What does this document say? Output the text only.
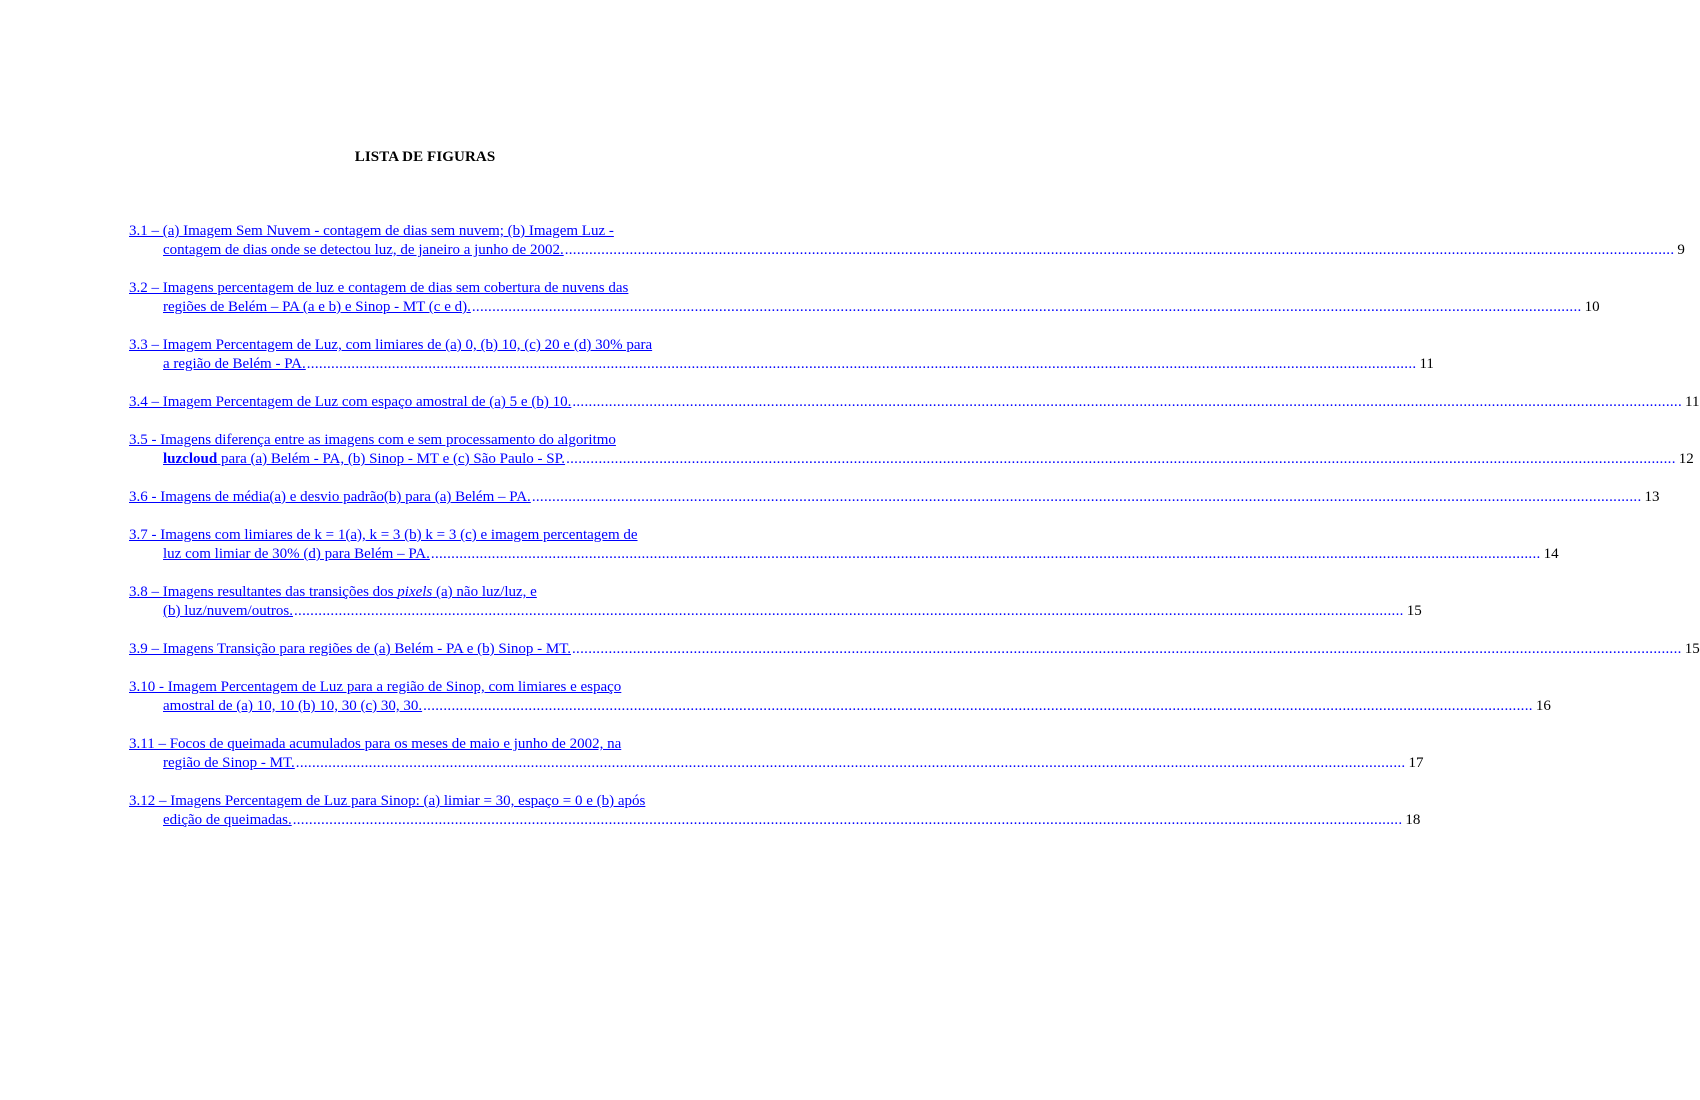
LISTA DE FIGURAS
3.1 – (a) Imagem Sem Nuvem - contagem de dias sem nuvem; (b) Imagem Luz -
contagem de dias onde se detectou luz, de janeiro a junho de 2002. .................................................................................................................................................................................................................................................................................. 9
3.2 – Imagens percentagem de luz e contagem de dias sem cobertura de nuvens das
regiões de Belém – PA (a e b) e Sinop - MT (c e d). .................................................................................................................................................................................................................................................................................. 10
3.3 – Imagem Percentagem de Luz, com limiares de (a) 0, (b) 10, (c) 20 e (d) 30% para
a região de Belém - PA. .................................................................................................................................................................................................................................................................................. 11
3.4 – Imagem Percentagem de Luz com espaço amostral de (a) 5 e (b) 10. .................................................................................................................................................................................................................................................................................. 11
3.5 - Imagens diferença entre as imagens com e sem processamento do algoritmo
luzcloud para (a) Belém - PA, (b) Sinop - MT e (c) São Paulo - SP. .................................................................................................................................................................................................................................................................................. 12
3.6 - Imagens de média(a) e desvio padrão(b) para (a) Belém – PA. .................................................................................................................................................................................................................................................................................. 13
3.7 - Imagens com limiares de k = 1(a), k = 3 (b) k = 3 (c) e imagem percentagem de
luz com limiar de 30% (d) para Belém – PA. .................................................................................................................................................................................................................................................................................. 14
3.8 – Imagens resultantes das transições dos pixels (a) não luz/luz, e
(b) luz/nuvem/outros. .................................................................................................................................................................................................................................................................................. 15
3.9 – Imagens Transição para regiões de (a) Belém - PA e (b) Sinop - MT. .................................................................................................................................................................................................................................................................................. 15
3.10 - Imagem Percentagem de Luz para a região de Sinop, com limiares e espaço
amostral de (a) 10, 10 (b) 10, 30 (c) 30, 30. .................................................................................................................................................................................................................................................................................. 16
3.11 – Focos de queimada acumulados para os meses de maio e junho de 2002, na
região de Sinop - MT. .................................................................................................................................................................................................................................................................................. 17
3.12 – Imagens Percentagem de Luz para Sinop: (a) limiar = 30, espaço = 0 e (b) após
edição de queimadas. .................................................................................................................................................................................................................................................................................. 18
